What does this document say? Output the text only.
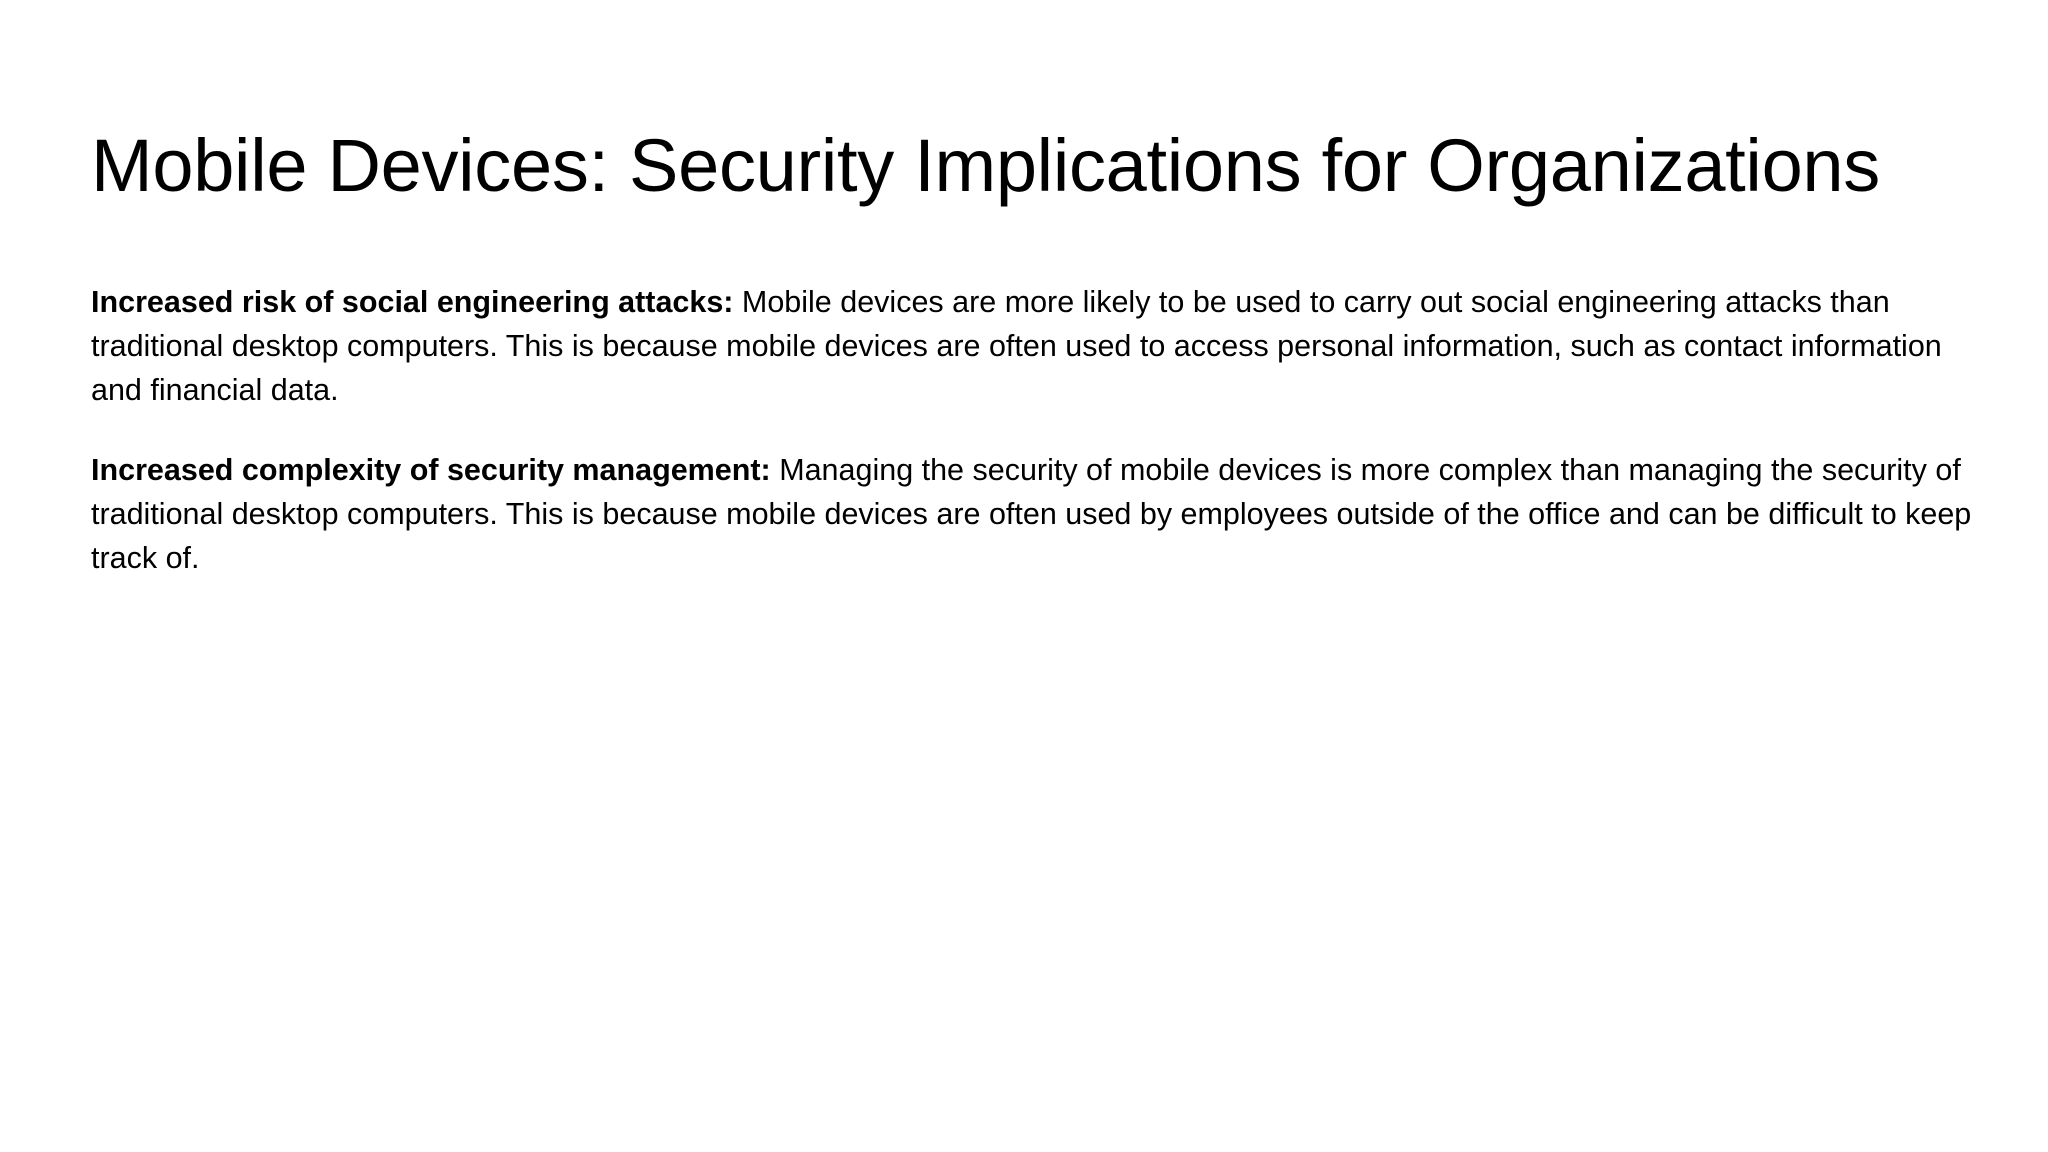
Mobile Devices: Security Implications for Organizations

Increased risk of social engineering attacks: Mobile devices are more likely to be used to carry out social engineering attacks than traditional desktop computers. This is because mobile devices are often used to access personal information, such as contact information and financial data.

Increased complexity of security management: Managing the security of mobile devices is more complex than managing the security of traditional desktop computers. This is because mobile devices are often used by employees outside of the office and can be difficult to keep track of.
